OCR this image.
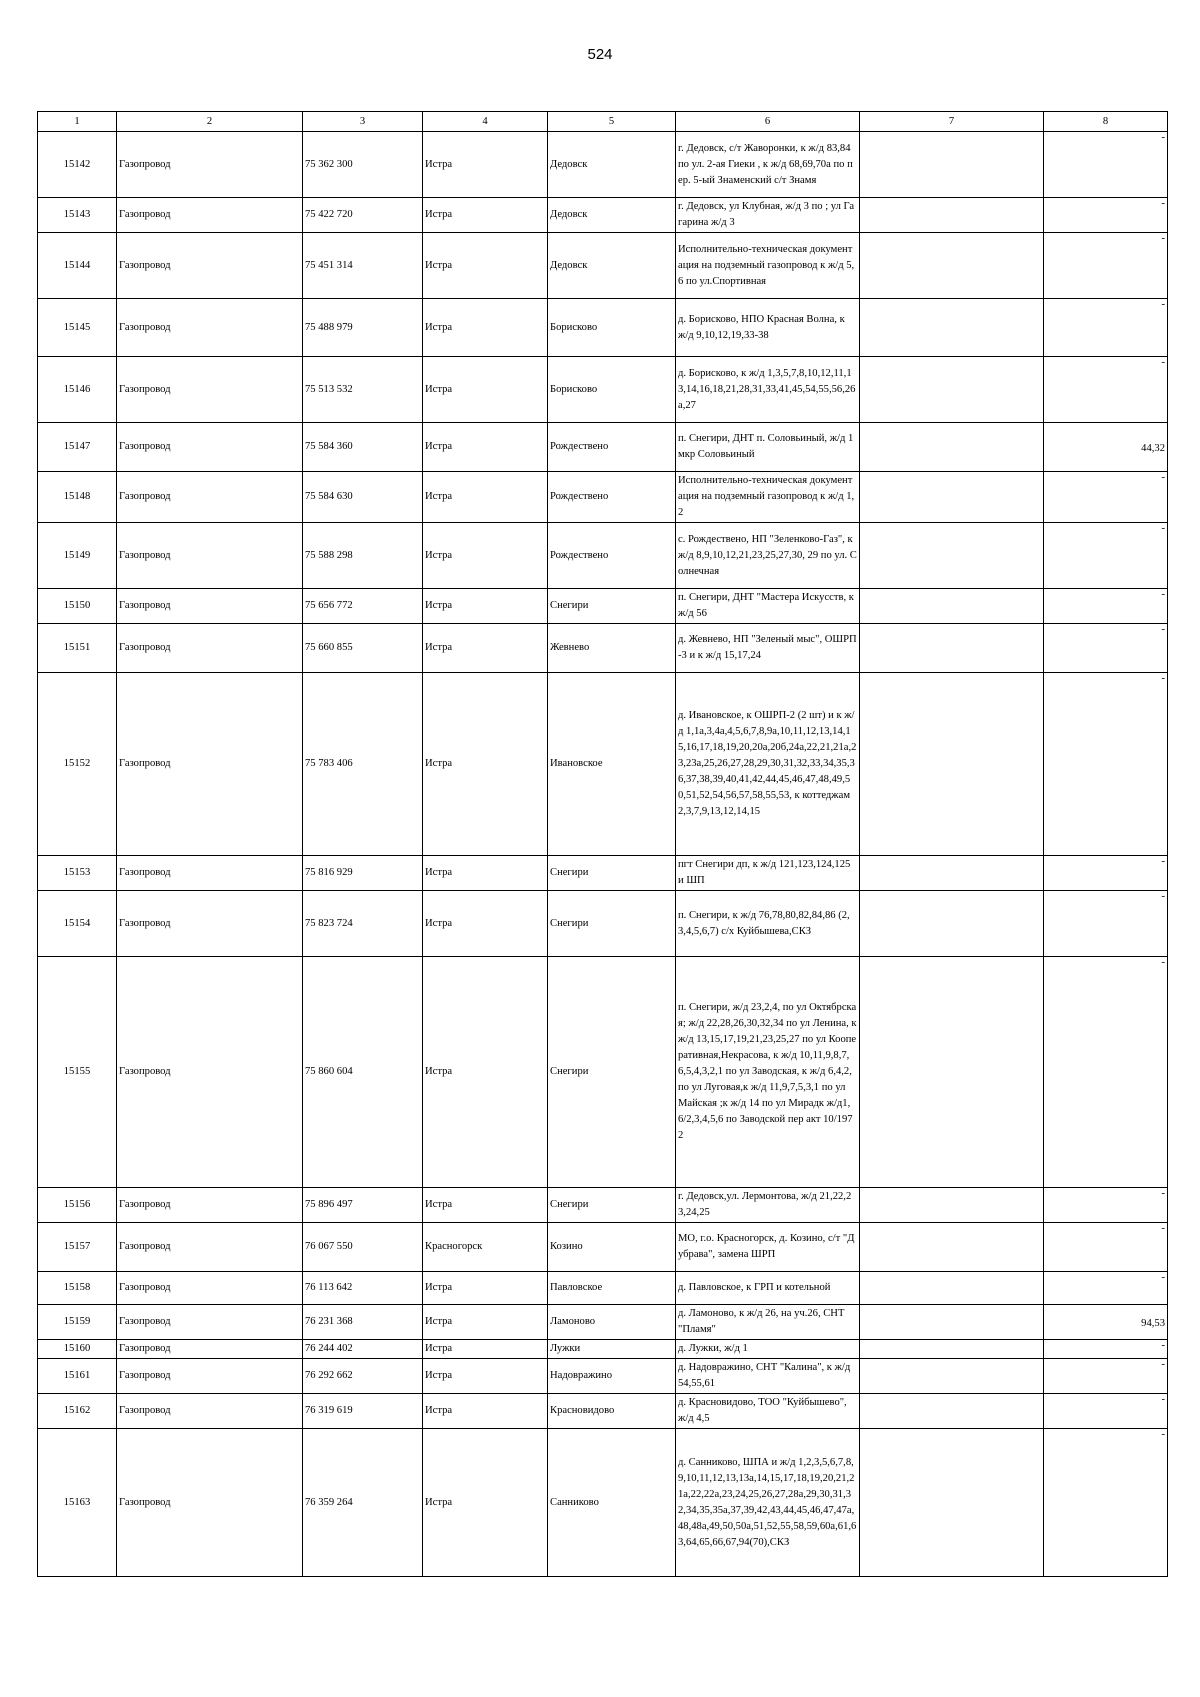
524
1	2	3	4	5	6	7	8
15142	Газопровод	75 362 300	Истра	Дедовск	г. Дедовск, с/т Жаворонки, к ж/д 83,84 по ул. 2-ая Гиеки , к ж/д 68,69,70а по пер. 5-ый Знаменский с/т Знамя		-

15143	Газопровод	75 422 720	Истра	Дедовск	г. Дедовск, ул Клубная, ж/д 3 по ; ул Гагарина ж/д 3		-

15144	Газопровод	75 451 314	Истра	Дедовск	Исполнительно-техническая документация на подземный газопровод к ж/д 5,6 по ул.Спортивная		-

15145	Газопровод	75 488 979	Истра	Борисково	д. Борисково, НПО Красная Волна, к ж/д 9,10,12,19,33-38		-

15146	Газопровод	75 513 532	Истра	Борисково	д. Борисково, к ж/д 1,3,5,7,8,10,12,11,13,14,16,18,21,28,31,33,41,45,54,55,56,26а,27		-

15147	Газопровод	75 584 360	Истра	Рождествено	п. Снегири, ДНТ п. Соловьиный, ж/д 1 мкр Соловьиный		44,32
15148	Газопровод	75 584 630	Истра	Рождествено	Исполнительно-техническая документация на подземный газопровод к ж/д 1,2		-

15149	Газопровод	75 588 298	Истра	Рождествено	с. Рождествено, НП "Зеленково-Газ", к ж/д 8,9,10,12,21,23,25,27,30, 29 по ул. Солнечная		-

15150	Газопровод	75 656 772	Истра	Снегири	п. Снегири, ДНТ "Мастера Искусств, к ж/д 56		-

15151	Газопровод	75 660 855	Истра	Жевнево	д. Жевнево, НП "Зеленый мыс", ОШРП-3 и к ж/д 15,17,24		-

15152	Газопровод	75 783 406	Истра	Ивановское	д. Ивановское, к ОШРП-2 (2 шт) и к ж/д 1,1а,3,4а,4,5,6,7,8,9а,10,11,12,13,14,15,16,17,18,19,20,20а,20б,24а,22,21,21а,23,23а,25,26,27,28,29,30,31,32,33,34,35,36,37,38,39,40,41,42,44,45,46,47,48,49,50,51,52,54,56,57,58,55,53, к коттеджам 2,3,7,9,13,12,14,15		-

15153	Газопровод	75 816 929	Истра	Снегири	пгт Снегири дп, к ж/д 121,123,124,125 и ШП		-

15154	Газопровод	75 823 724	Истра	Снегири	п. Снегири, к ж/д 76,78,80,82,84,86 (2,3,4,5,6,7) с/х Куйбышева,СКЗ		-

15155	Газопровод	75 860 604	Истра	Снегири	п. Снегири, ж/д 23,2,4, по ул Октябрская; ж/д 22,28,26,30,32,34 по ул Ленина, к ж/д 13,15,17,19,21,23,25,27 по ул Кооперативная,Некрасова, к ж/д 10,11,9,8,7,6,5,4,3,2,1 по ул Заводская, к ж/д 6,4,2, по ул Луговая,к ж/д 11,9,7,5,3,1 по ул Майская ;к ж/д 14 по ул Мирадк ж/д1,6/2,3,4,5,6 по Заводской пер акт 10/1972		-

15156	Газопровод	75 896 497	Истра	Снегири	г. Дедовск,ул. Лермонтова, ж/д 21,22,23,24,25		-

15157	Газопровод	76 067 550	Красногорск	Козино	МО, г.о. Красногорск, д. Козино, с/т "Дубрава", замена ШРП		-

15158	Газопровод	76 113 642	Истра	Павловское	д. Павловское, к ГРП и котельной		-

15159	Газопровод	76 231 368	Истра	Ламоново	д. Ламоново, к ж/д 26, на уч.26, СНТ "Пламя"		94,53
15160	Газопровод	76 244 402	Истра	Лужки	д. Лужки, ж/д 1		-

15161	Газопровод	76 292 662	Истра	Надовражино	д. Надовражино, СНТ "Калина", к ж/д 54,55,61		-

15162	Газопровод	76 319 619	Истра	Красновидово	д. Красновидово, ТОО "Куйбышево", ж/д 4,5		-

15163	Газопровод	76 359 264	Истра	Санниково	д. Санниково, ШПА и ж/д 1,2,3,5,6,7,8,9,10,11,12,13,13а,14,15,17,18,19,20,21,21а,22,22а,23,24,25,26,27,28а,29,30,31,32,34,35,35а,37,39,42,43,44,45,46,47,47а,48,48а,49,50,50а,51,52,55,58,59,60а,61,63,64,65,66,67,94(70),СКЗ		-
